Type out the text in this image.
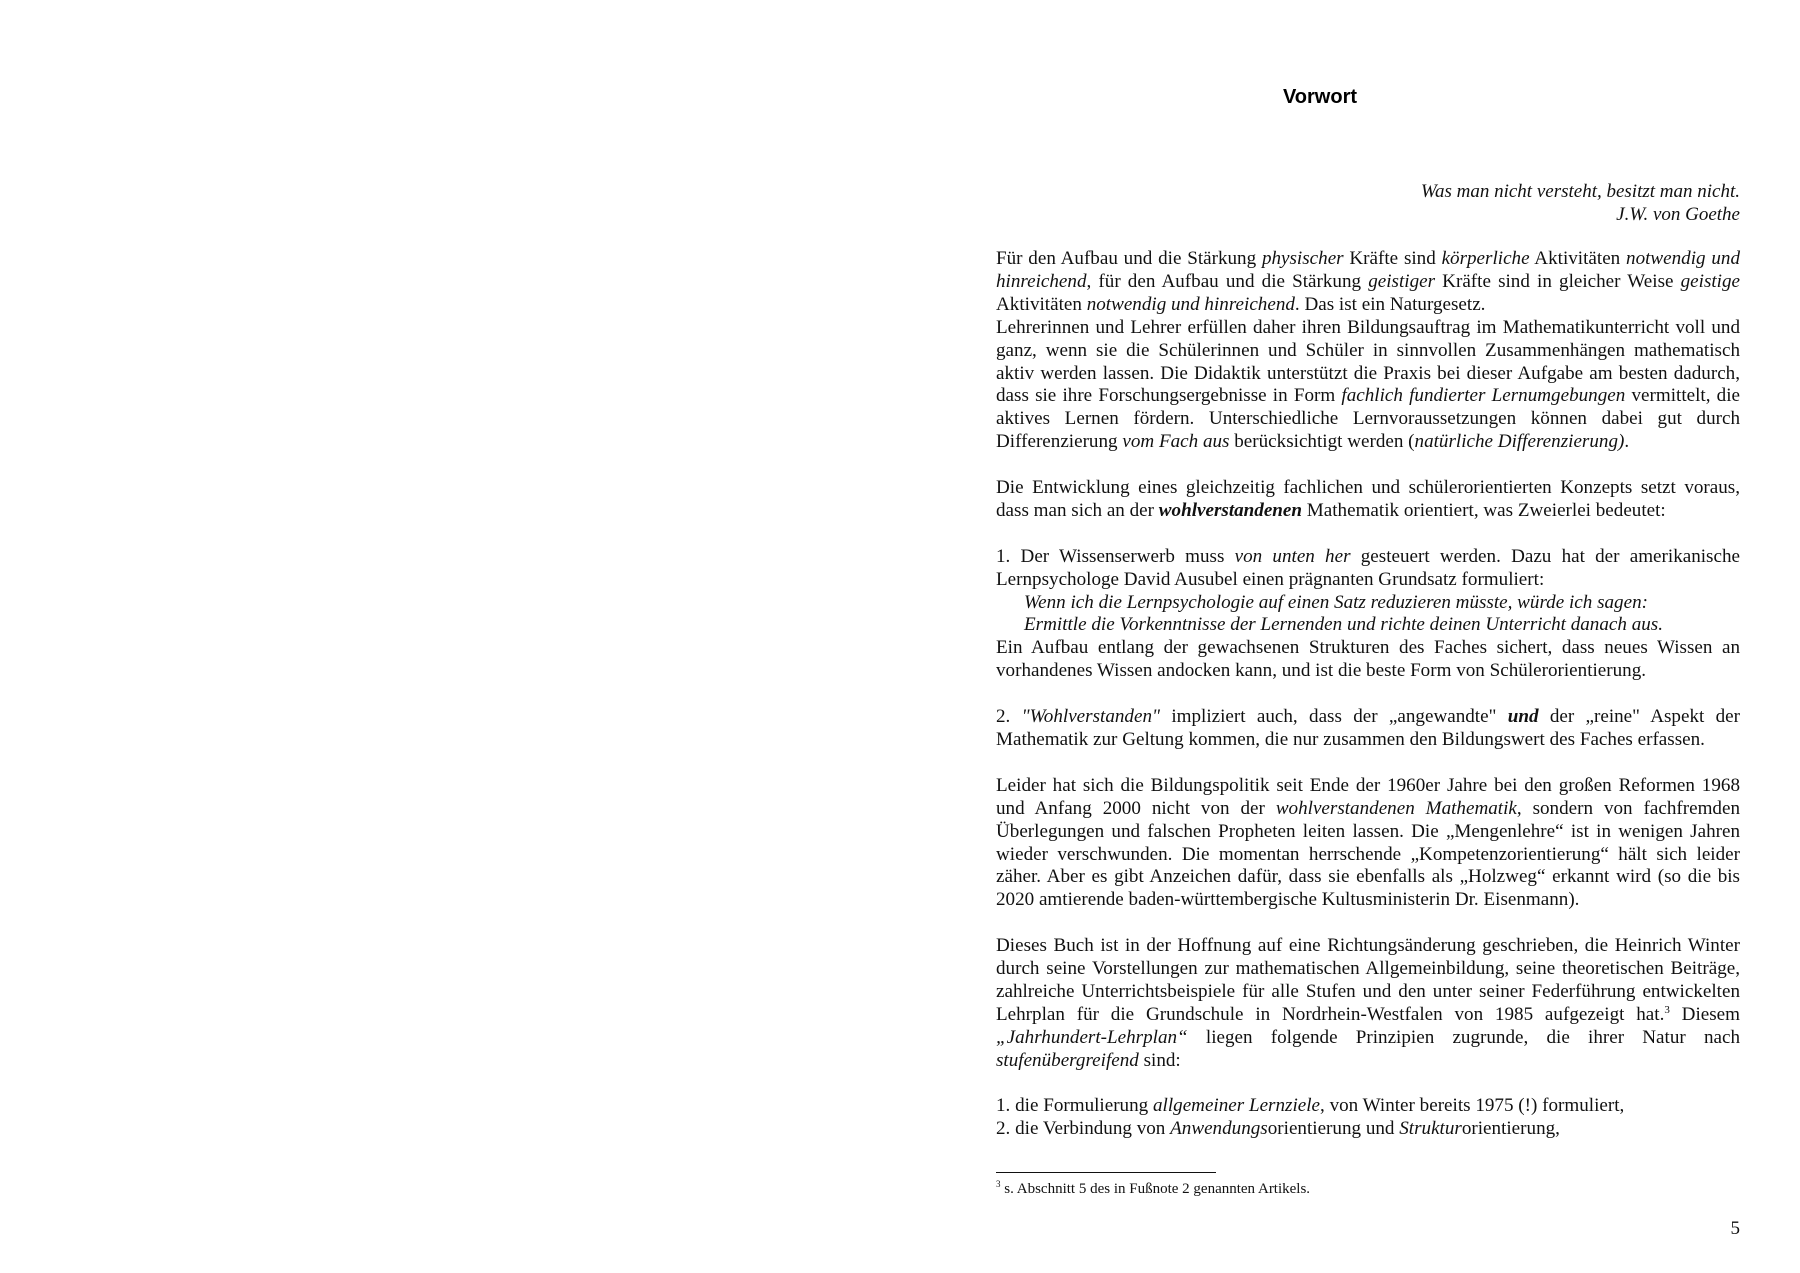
Vorwort
Was man nicht versteht, besitzt man nicht.
J.W. von Goethe

Für den Aufbau und die Stärkung physischer Kräfte sind körperliche Aktivitäten notwendig und hinreichend, für den Aufbau und die Stärkung geistiger Kräfte sind in gleicher Weise geistige Aktivitäten notwendig und hinreichend. Das ist ein Naturgesetz.

Lehrerinnen und Lehrer erfüllen daher ihren Bildungsauftrag im Mathematikunterricht voll und ganz, wenn sie die Schülerinnen und Schüler in sinnvollen Zusammenhängen mathematisch aktiv werden lassen. Die Didaktik unterstützt die Praxis bei dieser Aufgabe am besten dadurch, dass sie ihre Forschungsergebnisse in Form fachlich fundierter Lernumgebungen vermittelt, die aktives Lernen fördern. Unterschiedliche Lernvoraussetzungen können dabei gut durch Differenzierung vom Fach aus berücksichtigt werden (natürliche Differenzierung).

Die Entwicklung eines gleichzeitig fachlichen und schülerorientierten Konzepts setzt voraus, dass man sich an der wohlverstandenen Mathematik orientiert, was Zweierlei bedeutet:

1. Der Wissenserwerb muss von unten her gesteuert werden. Dazu hat der amerikanische Lernpsychologe David Ausubel einen prägnanten Grundsatz formuliert:

Wenn ich die Lernpsychologie auf einen Satz reduzieren müsste, würde ich sagen:

Ermittle die Vorkenntnisse der Lernenden und richte deinen Unterricht danach aus.

Ein Aufbau entlang der gewachsenen Strukturen des Faches sichert, dass neues Wissen an vorhandenes Wissen andocken kann, und ist die beste Form von Schülerorientierung.

2. "Wohlverstanden" impliziert auch, dass der „angewandte" und der „reine" Aspekt der Mathematik zur Geltung kommen, die nur zusammen den Bildungswert des Faches erfassen.

Leider hat sich die Bildungspolitik seit Ende der 1960er Jahre bei den großen Reformen 1968 und Anfang 2000 nicht von der wohlverstandenen Mathematik, sondern von fachfremden Überlegungen und falschen Propheten leiten lassen. Die „Mengenlehre“ ist in wenigen Jahren wieder verschwunden. Die momentan herrschende „Kompetenzorientierung“ hält sich leider zäher. Aber es gibt Anzeichen dafür, dass sie ebenfalls als „Holzweg“ erkannt wird (so die bis 2020 amtierende baden-württembergische Kultusministerin Dr. Eisenmann).

Dieses Buch ist in der Hoffnung auf eine Richtungsänderung geschrieben, die Heinrich Winter durch seine Vorstellungen zur mathematischen Allgemeinbildung, seine theoretischen Beiträge, zahlreiche Unterrichtsbeispiele für alle Stufen und den unter seiner Federführung entwickelten Lehrplan für die Grundschule in Nordrhein-Westfalen von 1985 aufgezeigt hat.$^3$ Diesem „Jahrhundert-Lehrplan“ liegen folgende Prinzipien zugrunde, die ihrer Natur nach stufenübergreifend sind:

1. die Formulierung allgemeiner Lernziele, von Winter bereits 1975 (!) formuliert,

2. die Verbindung von Anwendungsorientierung und Strukturorientierung,

$^3$ s. Abschnitt 5 des in Fußnote 2 genannten Artikels.
5
